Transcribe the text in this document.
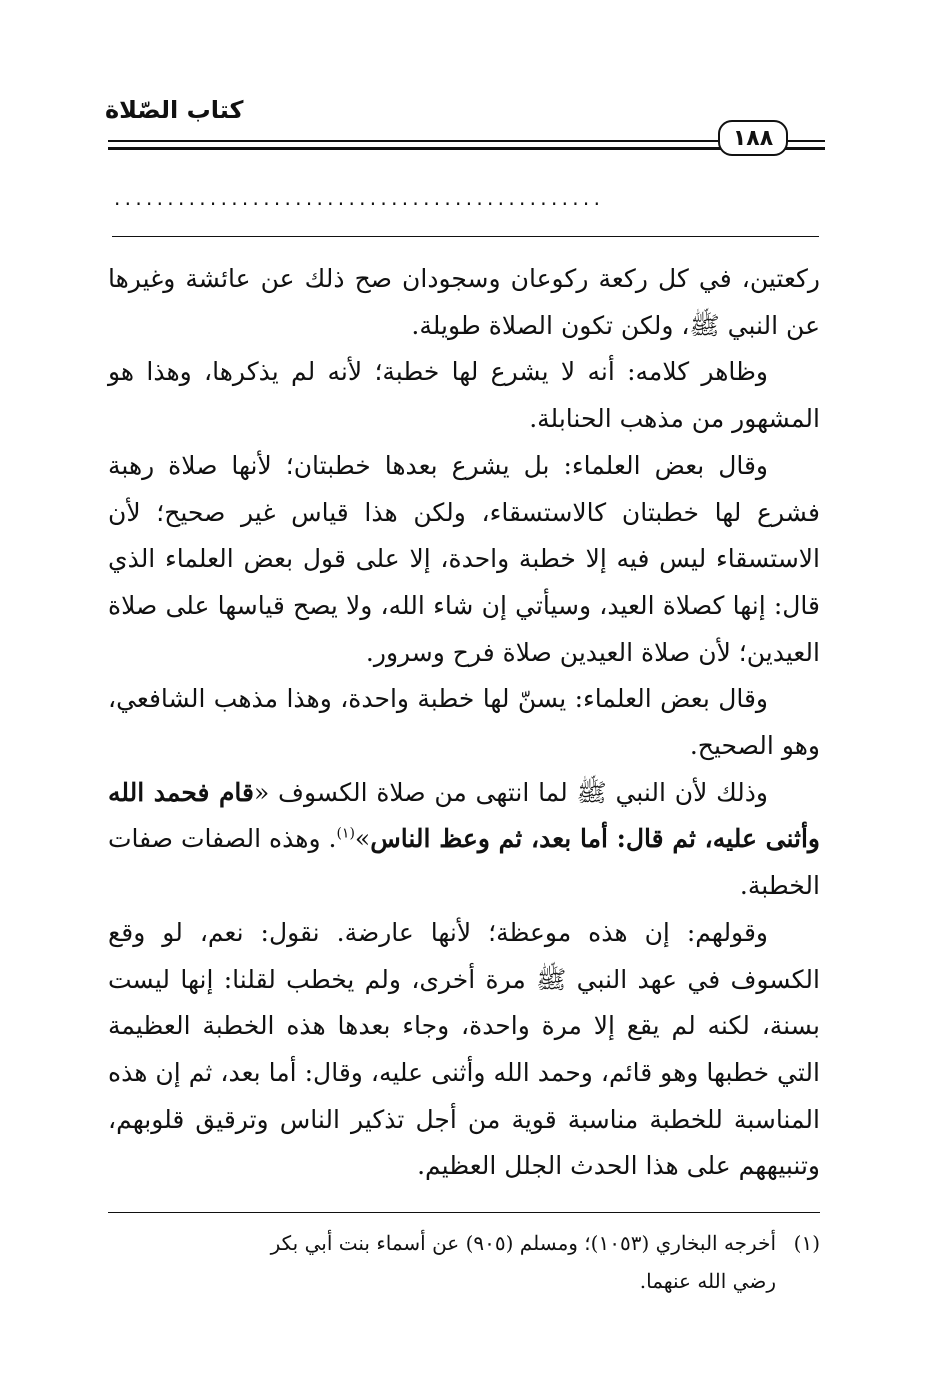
كتاب الصّلاة
١٨٨
..............................................

ركعتين، في كل ركعة ركوعان وسجودان صح ذلك عن عائشة وغيرها عن النبي ﷺ، ولكن تكون الصلاة طويلة.

وظاهر كلامه: أنه لا يشرع لها خطبة؛ لأنه لم يذكرها، وهذا هو المشهور من مذهب الحنابلة.

وقال بعض العلماء: بل يشرع بعدها خطبتان؛ لأنها صلاة رهبة فشرع لها خطبتان كالاستسقاء، ولكن هذا قياس غير صحيح؛ لأن الاستسقاء ليس فيه إلا خطبة واحدة، إلا على قول بعض العلماء الذي قال: إنها كصلاة العيد، وسيأتي إن شاء الله، ولا يصح قياسها على صلاة العيدين؛ لأن صلاة العيدين صلاة فرح وسرور.

وقال بعض العلماء: يسنّ لها خطبة واحدة، وهذا مذهب الشافعي، وهو الصحيح.

وذلك لأن النبي ﷺ لما انتهى من صلاة الكسوف «قام فحمد الله وأثنى عليه، ثم قال: أما بعد، ثم وعظ الناس»$^{(١)}$. وهذه الصفات صفات الخطبة.

وقولهم: إن هذه موعظة؛ لأنها عارضة. نقول: نعم، لو وقع الكسوف في عهد النبي ﷺ مرة أخرى، ولم يخطب لقلنا: إنها ليست بسنة، لكنه لم يقع إلا مرة واحدة، وجاء بعدها هذه الخطبة العظيمة التي خطبها وهو قائم، وحمد الله وأثنى عليه، وقال: أما بعد، ثم إن هذه المناسبة للخطبة مناسبة قوية من أجل تذكير الناس وترقيق قلوبهم، وتنبيههم على هذا الحدث الجلل العظيم.

(١)أخرجه البخاري (١٠٥٣)؛ ومسلم (٩٠٥) عن أسماء بنت أبي بكر
رضي الله عنهما.
